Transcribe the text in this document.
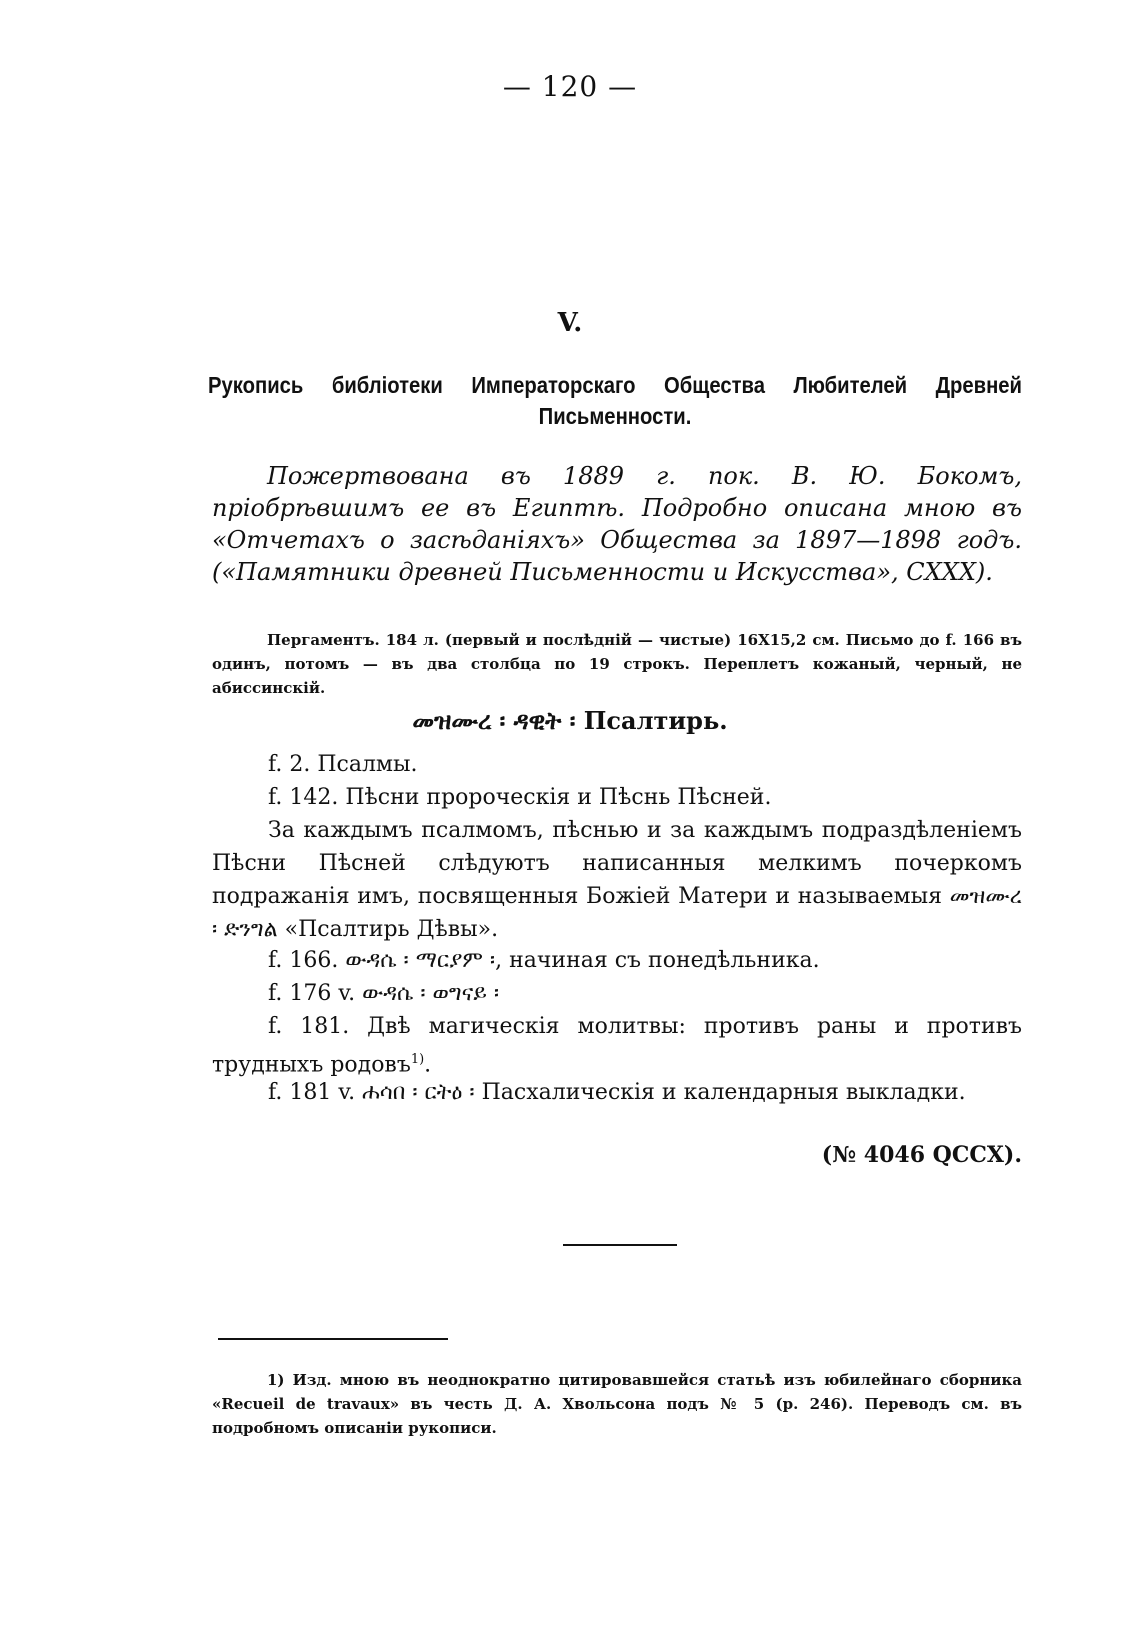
— 120 —
V.
Рукопись библіотеки Императорскаго Общества Любителей Древней Письменности.
Пожертвована въ 1889 г. пок. В. Ю. Бокомъ, пріобрѣвшимъ ее въ Египтѣ. Подробно описана мною въ «Отчетахъ о засѣданіяхъ» Общества за 1897—1898 годъ. («Памятники древней Письменности и Искусства», CXXX).
Пергаментъ. 184 л. (первый и послѣдній — чистые) 16Х15,2 см. Письмо до f. 166 въ одинъ, потомъ — въ два столбца по 19 строкъ. Переплетъ кожаный, черный, не абиссинскій.
መዝሙረ ፡ ዳዊት ፡ Псалтирь.
f. 2. Псалмы.
f. 142. Пѣсни пророческія и Пѣснь Пѣсней.
За каждымъ псалмомъ, пѣснью и за каждымъ подраздѣленіемъ Пѣсни Пѣсней слѣдуютъ написанныя мелкимъ почеркомъ подражанія имъ, посвященныя Божіей Матери и называемыя መዝሙረ ፡ ድንግል «Псалтирь Дѣвы».
f. 166. ውዳሴ ፡ ማርያም ፡, начиная съ понедѣльника.
f. 176 v. ውዳሴ ፡ ወግናይ ፡
f. 181. Двѣ магическія молитвы: противъ раны и противъ трудныхъ родовъ$^{1)}$.
f. 181 v. ሐሳበ ፡ ርትዕ ፡ Пасхалическія и календарныя выкладки.
(№ 4046 QCCX).
1) Изд. мною въ неоднократно цитировавшейся статьѣ изъ юбилейнаго сборника «Recueil de travaux» въ честь Д. А. Хвольсона подъ № 5 (р. 246). Переводъ см. въ подробномъ описаніи рукописи.
